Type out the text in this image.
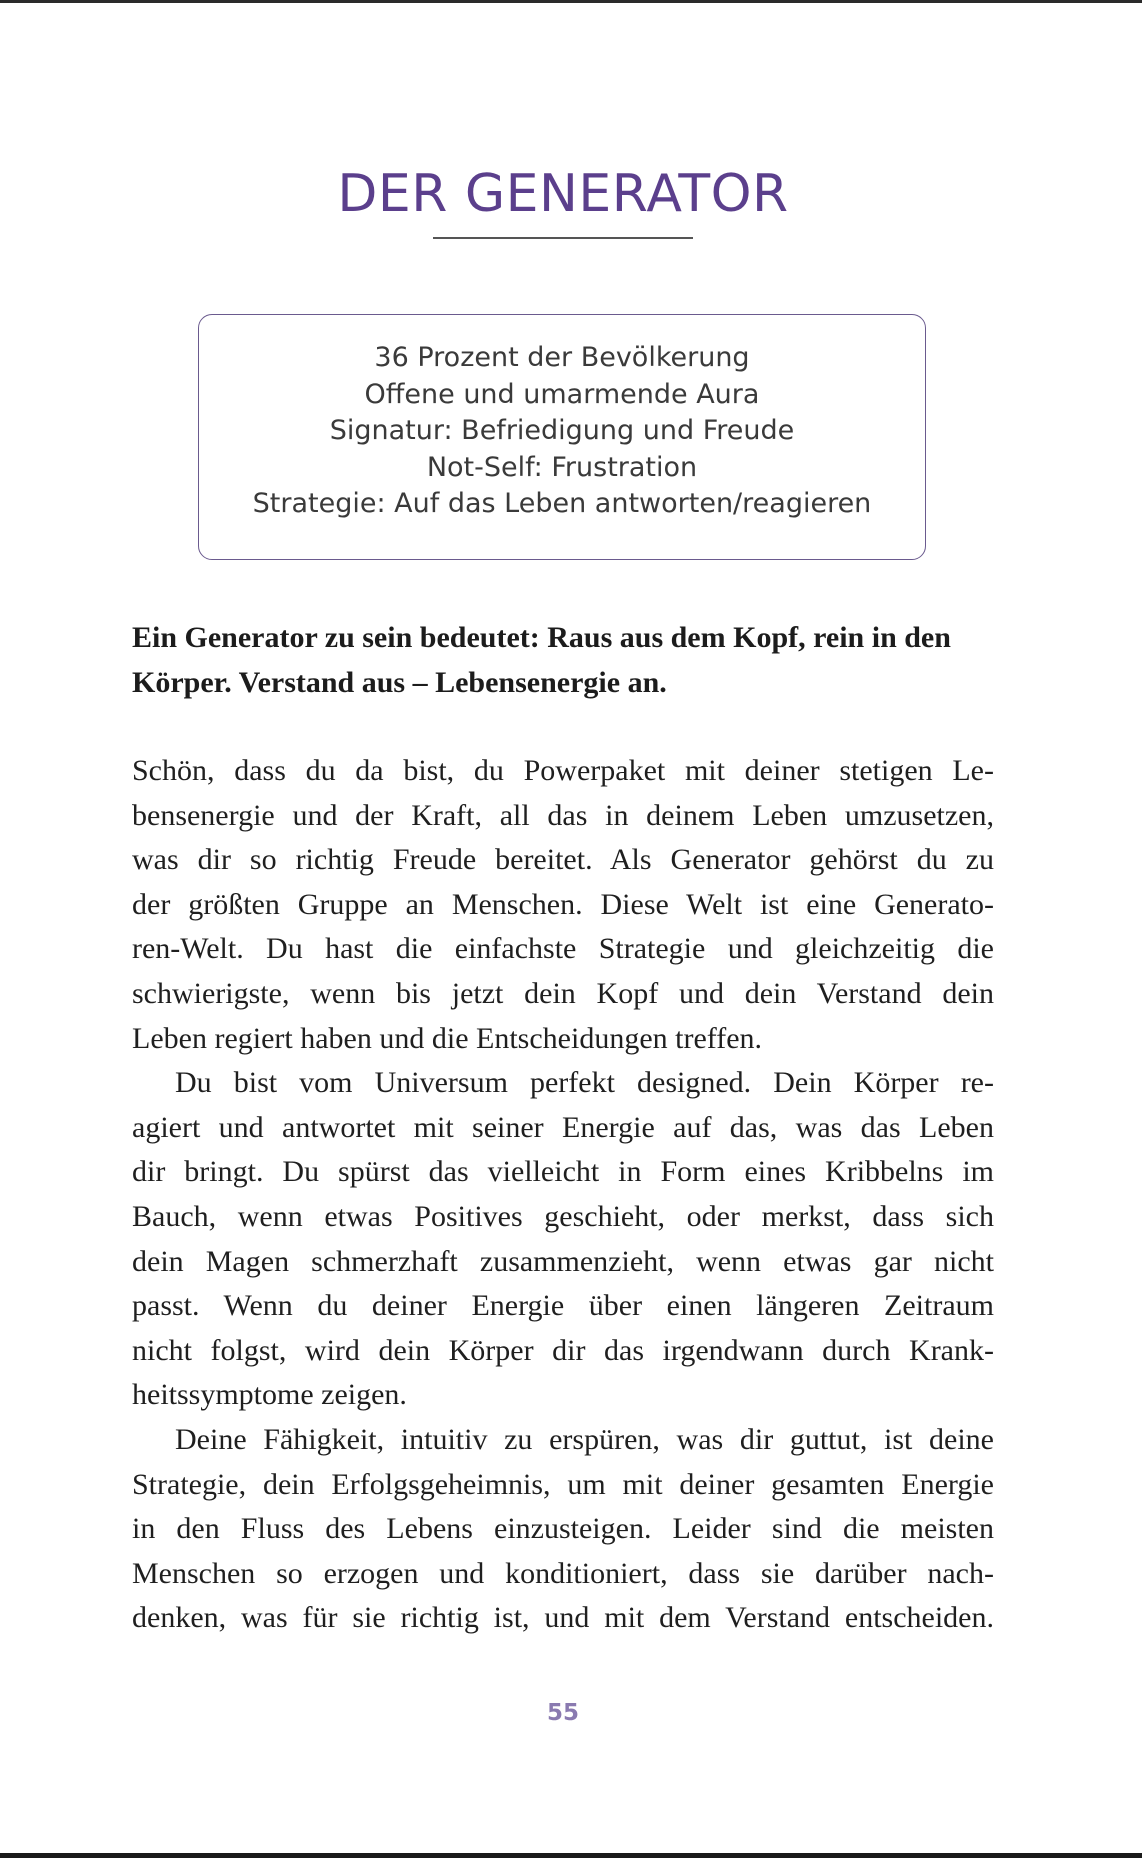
DER GENERATOR
36 Prozent der Bevölkerung
Offene und umarmende Aura
Signatur: Befriedigung und Freude
Not-Self: Frustration
Strategie: Auf das Leben antworten/reagieren
Ein Generator zu sein bedeutet: Raus aus dem Kopf, rein in den
Körper. Verstand aus – Lebensenergie an.
Schön, dass du da bist, du Powerpaket mit deiner stetigen Le-
bensenergie und der Kraft, all das in deinem Leben umzusetzen,
was dir so richtig Freude bereitet. Als Generator gehörst du zu
der größten Gruppe an Menschen. Diese Welt ist eine Generato-
ren-Welt. Du hast die einfachste Strategie und gleichzeitig die
schwierigste, wenn bis jetzt dein Kopf und dein Verstand dein
Leben regiert haben und die Entscheidungen treffen.
Du bist vom Universum perfekt designed. Dein Körper re-
agiert und antwortet mit seiner Energie auf das, was das Leben
dir bringt. Du spürst das vielleicht in Form eines Kribbelns im
Bauch, wenn etwas Positives geschieht, oder merkst, dass sich
dein Magen schmerzhaft zusammenzieht, wenn etwas gar nicht
passt. Wenn du deiner Energie über einen längeren Zeitraum
nicht folgst, wird dein Körper dir das irgendwann durch Krank-
heitssymptome zeigen.
Deine Fähigkeit, intuitiv zu erspüren, was dir guttut, ist deine
Strategie, dein Erfolgsgeheimnis, um mit deiner gesamten Energie
in den Fluss des Lebens einzusteigen. Leider sind die meisten
Menschen so erzogen und konditioniert, dass sie darüber nach-
denken, was für sie richtig ist, und mit dem Verstand entscheiden.
55
